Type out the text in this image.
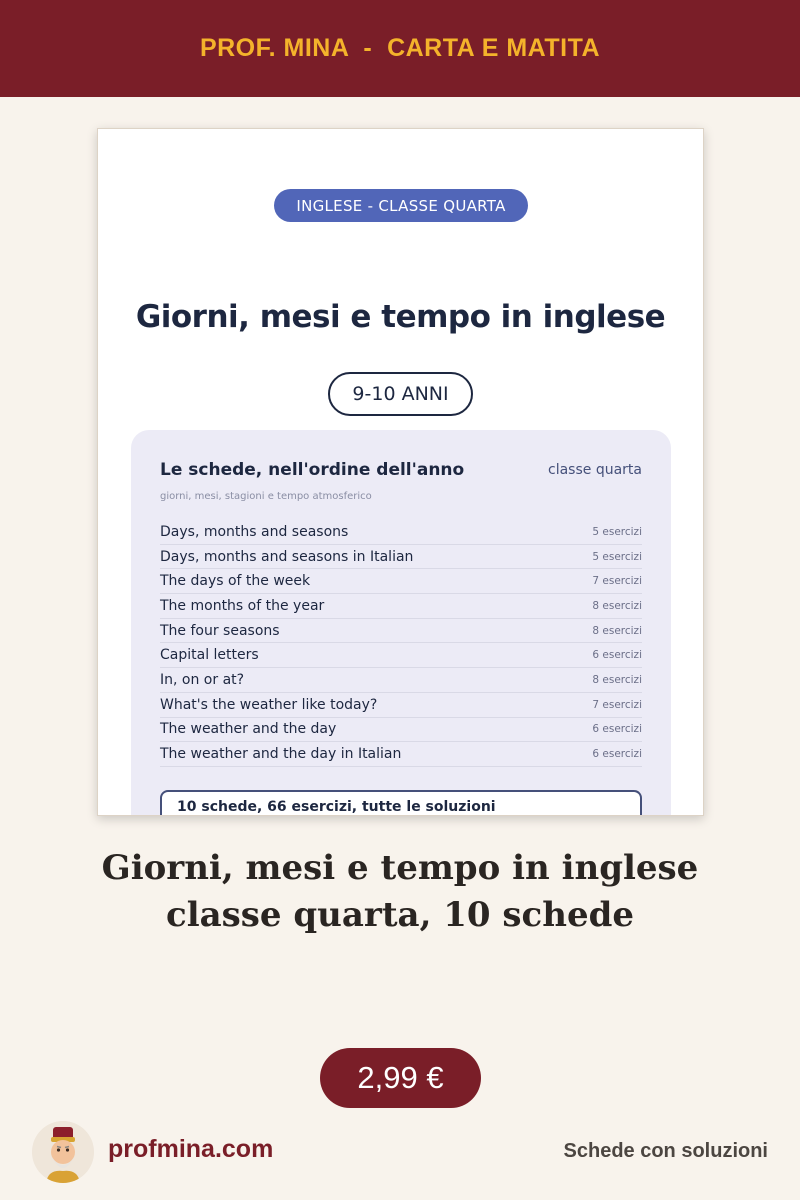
PROF. MINA  -  CARTA E MATITA
INGLESE - CLASSE QUARTA
Giorni, mesi e tempo in inglese
9-10 ANNI
Le schede, nell'ordine dell'anno	classe quarta
giorni, mesi, stagioni e tempo atmosferico
Days, months and seasons	5 esercizi
Days, months and seasons in Italian	5 esercizi
The days of the week	7 esercizi
The months of the year	8 esercizi
The four seasons	8 esercizi
Capital letters	6 esercizi
In, on or at?	8 esercizi
What's the weather like today?	7 esercizi
The weather and the day	6 esercizi
The weather and the day in Italian	6 esercizi
10 schede, 66 esercizi, tutte le soluzioni
Giorni, mesi e tempo in inglese
classe quarta, 10 schede
2,99 €
profmina.com	Schede con soluzioni
